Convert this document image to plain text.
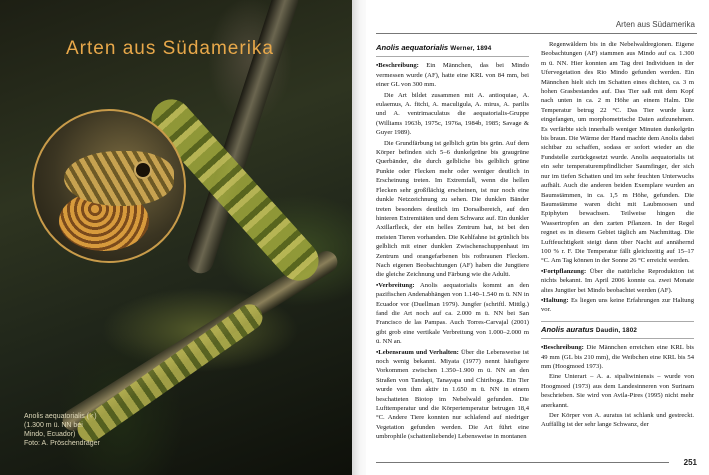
Arten aus Südamerika

Anolis aequatorialis (♂)
(1.300 m ü. NN bei
Mindo, Ecuador)
Foto: A. Pröschendräger

Arten aus Südamerika
Anolis aequatorialis Werner, 1894

•Beschreibung: Ein Männchen, das bei Mindo vermessen wurde (AF), hatte eine KRL von 84 mm, bei einer GL von 300 mm.

Die Art bildet zusammen mit A. antioquiae, A. eulaemus, A. fitchi, A. maculigula, A. mirus, A. parilis und A. ventrimaculatus die aequatorialis-Gruppe (Williams 1963b, 1975c, 1976a, 1984b, 1985; Savage & Guyer 1989).

Die Grundfärbung ist gelblich grün bis grün. Auf dem Körper befinden sich 5–6 dunkelgrüne bis graugrüne Querbänder, die durch gelbliche bis gelblich grüne Punkte oder Flecken mehr oder weniger deutlich in Erscheinung treten. Im Extremfall, wenn die hellen Flecken sehr großflächig erscheinen, ist nur noch eine dunkle Netzzeichnung zu sehen. Die dunklen Bänder treten besonders deutlich im Dorsalbereich, auf den hinteren Extremitäten und dem Schwanz auf. Ein dunkler Axillarfleck, der ein helles Zentrum hat, ist bei den meisten Tieren vorhanden. Die Kehlfahne ist grünlich bis gelblich mit einer dunklen Zwischenschuppenhaut im Zentrum und orangefarbenen bis rotbraunen Flecken. Nach eigenen Beobachtungen (AF) haben die Jungtiere die gleiche Zeichnung und Färbung wie die Adulti.

•Verbreitung: Anolis aequatorialis kommt an den pazifischen Andenabhängen von 1.140–1.540 m ü. NN in Ecuador vor (Duellman 1979). Jungfer (schriftl. Mittlg.) fand die Art noch auf ca. 2.000 m ü. NN bei San Francisco de las Pampas. Auch Torres-Carvajal (2001) gibt grob eine vertikale Verbreitung von 1.000–2.000 m ü. NN an.

•Lebensraum und Verhalten: Über die Lebensweise ist noch wenig bekannt. Miyata (1977) nennt häufigere Vorkommen zwischen 1.350–1.900 m ü. NN an den Straßen von Tandapi, Tanayapa und Chiriboga. Ein Tier wurde von ihm aktiv in 1.650 m ü. NN in einem beschatteten Biotop im Nebelwald gefunden. Die Lufttemperatur und die Körpertemperatur betrugen 18,4 °C. Andere Tiere konnten nur schlafend auf niedriger Vegetation gefunden werden. Die Art führt eine umbrophile (schattenliebende) Lebensweise in montanen

Regenwäldern bis in die Nebelwaldregionen. Eigene Beobachtungen (AF) stammen aus Mindo auf ca. 1.300 m ü. NN. Hier konnten am Tag drei Individuen in der Ufervegetation des Rio Mindo gefunden werden. Ein Männchen hielt sich im Schatten eines dichten, ca. 3 m hohen Grasbestandes auf. Das Tier saß mit dem Kopf nach unten in ca. 2 m Höhe an einem Halm. Die Temperatur betrug 22 °C. Das Tier wurde kurz eingefangen, um morphometrische Daten aufzunehmen. Es verfärbte sich innerhalb weniger Minuten dunkelgrün bis braun. Die Wärme der Hand machte dem Anolis dabei sichtbar zu schaffen, sodass er sofort wieder an die Fundstelle zurückgesetzt wurde. Anolis aequatorialis ist ein sehr temperaturempfindlicher Saumfinger, der sich nur im tiefen Schatten und im sehr feuchten Unterwuchs aufhält. Auch die anderen beiden Exemplare wurden an Baumstämmen, in ca. 1,5 m Höhe, gefunden. Die Baumstämme waren dicht mit Laubmoosen und Epiphyten bewachsen. Teilweise hingen die Wassertropfen an den zarten Pflanzen. In der Regel regnet es in diesem Gebiet täglich am Nachmittag. Die Luftfeuchtigkeit steigt dann über Nacht auf annähernd 100 % r. F. Die Temperatur fällt gleichzeitig auf 15–17 °C. Am Tag können in der Sonne 26 °C erreicht werden.

•Fortpflanzung: Über die natürliche Reproduktion ist nichts bekannt. Im April 2006 konnte ca. zwei Monate altes Jungtier bei Mindo beobachtet werden (AF).

•Haltung: Es liegen uns keine Erfahrungen zur Haltung vor.

Anolis auratus Daudin, 1802

•Beschreibung: Die Männchen erreichen eine KRL bis 49 mm (GL bis 210 mm), die Weibchen eine KRL bis 54 mm (Hoogmoed 1973).

Eine Unterart – A. a. sipaliwiniensis – wurde von Hoogmoed (1973) aus dem Landesinneren von Surinam beschrieben. Sie wird von Avila-Pires (1995) nicht mehr anerkannt.

Der Körper von A. auratus ist schlank und gestreckt. Auffällig ist der sehr lange Schwanz, der

251
